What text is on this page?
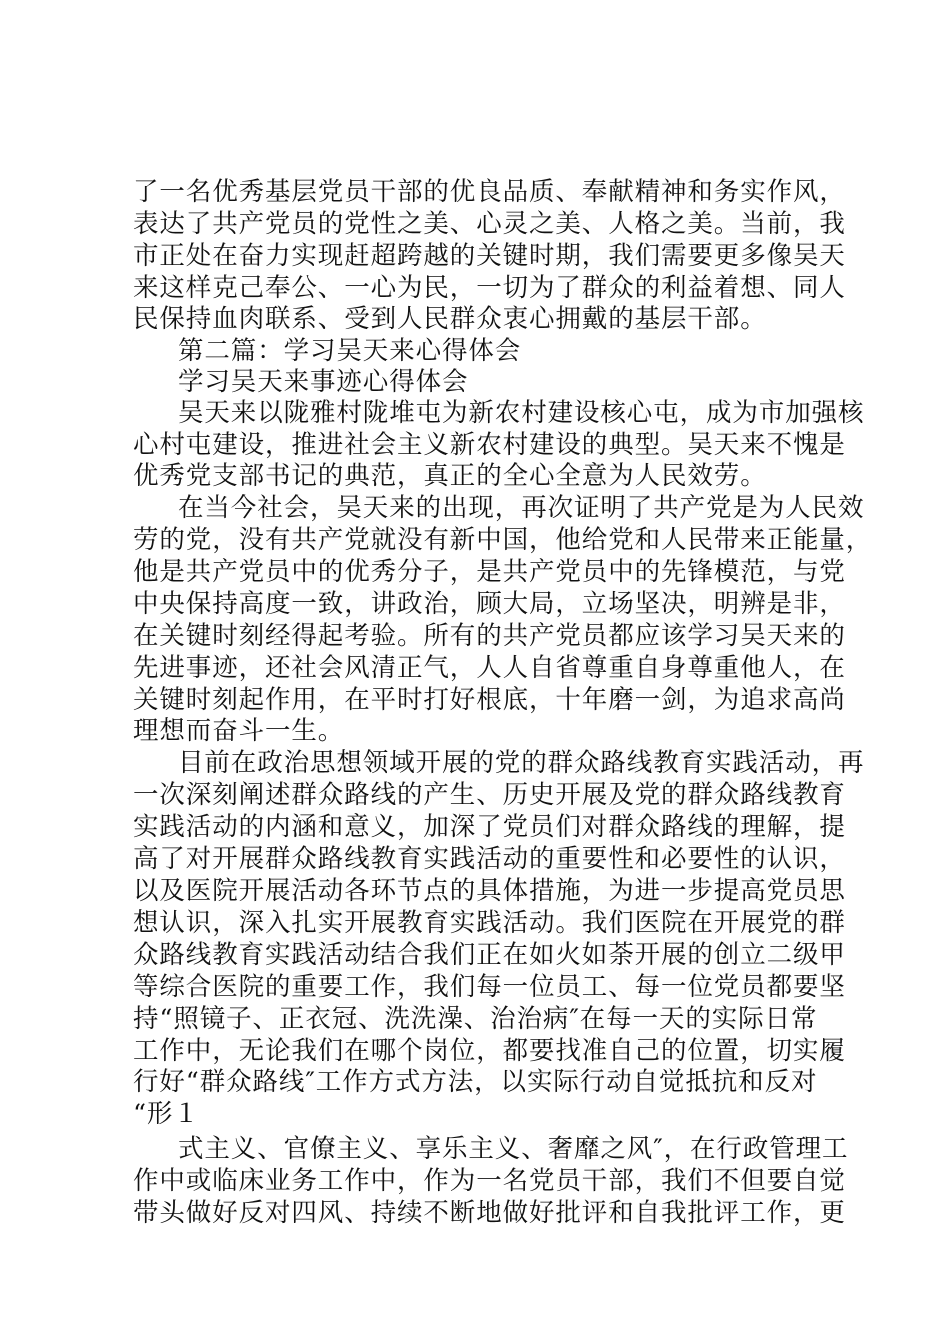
了一名优秀基层党员干部的优良品质、奉献精神和务实作风，

表达了共产党员的党性之美、心灵之美、人格之美。当前，我

市正处在奋力实现赶超跨越的关键时期，我们需要更多像吴天

来这样克己奉公、一心为民，一切为了群众的利益着想、同人

民保持血肉联系、受到人民群众衷心拥戴的基层干部。

第二篇：学习吴天来心得体会

学习吴天来事迹心得体会

吴天来以陇雅村陇堆屯为新农村建设核心屯，成为市加强核

心村屯建设，推进社会主义新农村建设的典型。吴天来不愧是

优秀党支部书记的典范，真正的全心全意为人民效劳。

在当今社会，吴天来的出现，再次证明了共产党是为人民效

劳的党，没有共产党就没有新中国，他给党和人民带来正能量，

他是共产党员中的优秀分子，是共产党员中的先锋模范，与党

中央保持高度一致，讲政治，顾大局，立场坚决，明辨是非，

在关键时刻经得起考验。所有的共产党员都应该学习吴天来的

先进事迹，还社会风清正气，人人自省尊重自身尊重他人，在

关键时刻起作用，在平时打好根底，十年磨一剑，为追求高尚

理想而奋斗一生。

目前在政治思想领域开展的党的群众路线教育实践活动，再

一次深刻阐述群众路线的产生、历史开展及党的群众路线教育

实践活动的内涵和意义，加深了党员们对群众路线的理解，提

高了对开展群众路线教育实践活动的重要性和必要性的认识，

以及医院开展活动各环节点的具体措施，为进一步提高党员思

想认识，深入扎实开展教育实践活动。我们医院在开展党的群

众路线教育实践活动结合我们正在如火如荼开展的创立二级甲

等综合医院的重要工作，我们每一位员工、每一位党员都要坚

持“照镜子、正衣冠、洗洗澡、治治病″在每一天的实际日常

工作中，无论我们在哪个岗位，都要找准自己的位置，切实履

行好“群众路线″工作方式方法，以实际行动自觉抵抗和反对

“形１

式主义、官僚主义、享乐主义、奢靡之风″，在行政管理工

作中或临床业务工作中，作为一名党员干部，我们不但要自觉

带头做好反对四风、持续不断地做好批评和自我批评工作，更
